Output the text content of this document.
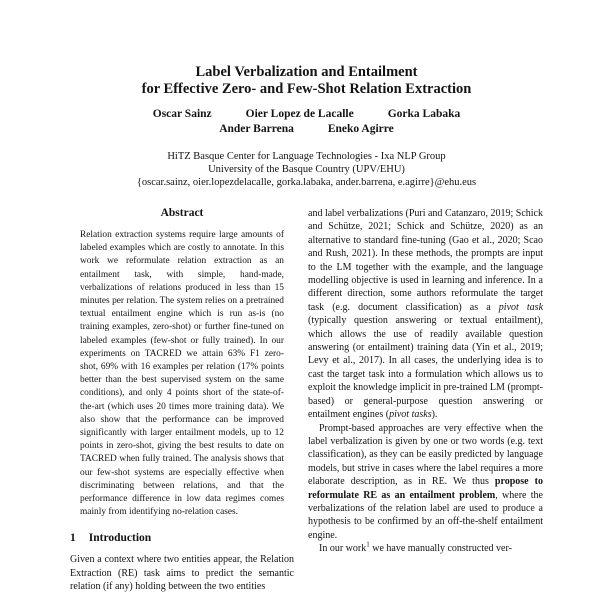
Label Verbalization and Entailment
for Effective Zero- and Few-Shot Relation Extraction
Oscar Sainz	Oier Lopez de Lacalle	Gorka Labaka
Ander Barrena	Eneko Agirre
HiTZ Basque Center for Language Technologies - Ixa NLP Group
University of the Basque Country (UPV/EHU)
{oscar.sainz, oier.lopezdelacalle, gorka.labaka, ander.barrena, e.agirre}@ehu.eus
Abstract

Relation extraction systems require large amounts of labeled examples which are costly to annotate. In this work we reformulate relation extraction as an entailment task, with simple, hand-made, verbalizations of relations produced in less than 15 minutes per relation. The system relies on a pretrained textual entailment engine which is run as-is (no training examples, zero-shot) or further fine-tuned on labeled examples (few-shot or fully trained). In our experiments on TACRED we attain 63% F1 zero-shot, 69% with 16 examples per relation (17% points better than the best supervised system on the same conditions), and only 4 points short of the state-of-the-art (which uses 20 times more training data). We also show that the performance can be improved significantly with larger entailment models, up to 12 points in zero-shot, giving the best results to date on TACRED when fully trained. The analysis shows that our few-shot systems are especially effective when discriminating between relations, and that the performance difference in low data regimes comes mainly from identifying no-relation cases.

1 Introduction

Given a context where two entities appear, the Relation Extraction (RE) task aims to predict the semantic relation (if any) holding between the two entities

and label verbalizations (Puri and Catanzaro, 2019; Schick and Schütze, 2021; Schick and Schütze, 2020) as an alternative to standard fine-tuning (Gao et al., 2020; Scao and Rush, 2021). In these methods, the prompts are input to the LM together with the example, and the language modelling objective is used in learning and inference. In a different direction, some authors reformulate the target task (e.g. document classification) as a pivot task (typically question answering or textual entailment), which allows the use of readily available question answering (or entailment) training data (Yin et al., 2019; Levy et al., 2017). In all cases, the underlying idea is to cast the target task into a formulation which allows us to exploit the knowledge implicit in pre-trained LM (prompt-based) or general-purpose question answering or entailment engines (pivot tasks).

Prompt-based approaches are very effective when the label verbalization is given by one or two words (e.g. text classification), as they can be easily predicted by language models, but strive in cases where the label requires a more elaborate description, as in RE. We thus propose to reformulate RE as an entailment problem, where the verbalizations of the relation label are used to produce a hypothesis to be confirmed by an off-the-shelf entailment engine.

In our work$^1$ we have manually constructed ver-
